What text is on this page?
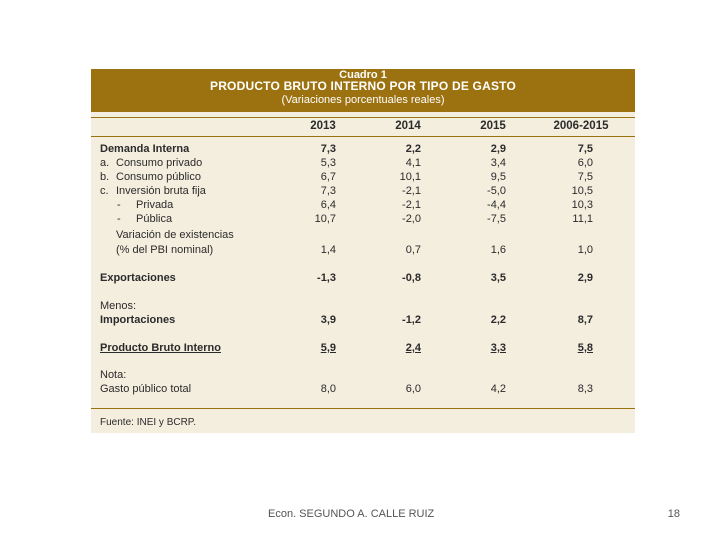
Cuadro 1
PRODUCTO BRUTO INTERNO POR TIPO DE GASTO
(Variaciones porcentuales reales)
2013	2014	2015	2006-2015
Demanda Interna	7,3	2,2	2,9	7,5
a. Consumo privado	5,3	4,1	3,4	6,0
b. Consumo público	6,7	10,1	9,5	7,5
c. Inversión bruta fija	7,3	-2,1	-5,0	10,5
- Privada	6,4	-2,1	-4,4	10,3
- Pública	10,7	-2,0	-7,5	11,1
Variación de existencias
(% del PBI nominal)	1,4	0,7	1,6	1,0
Exportaciones	-1,3	-0,8	3,5	2,9
Menos:
Importaciones	3,9	-1,2	2,2	8,7
Producto Bruto Interno	5,9	2,4	3,3	5,8
Nota:
Gasto público total	8,0	6,0	4,2	8,3
Fuente: INEI y BCRP.
Econ. SEGUNDO A. CALLE RUIZ	18
